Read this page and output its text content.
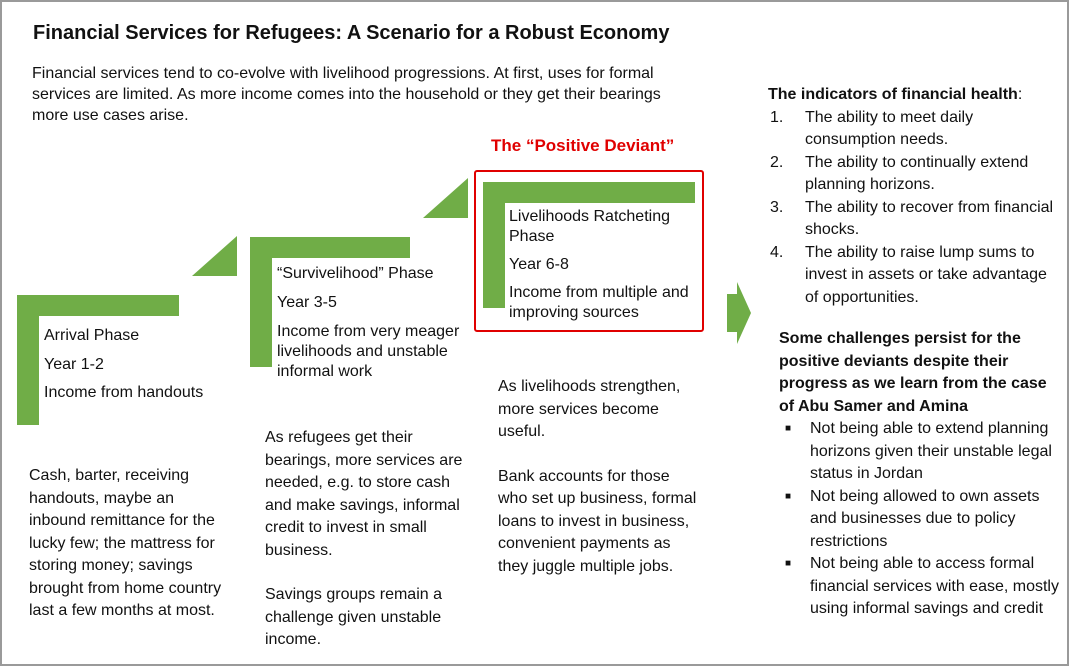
Financial Services for Refugees: A Scenario for a Robust Economy
Financial services tend to co-evolve with livelihood progressions. At first, uses for formal services are limited. As more income comes into the household or they get their bearings more use cases arise.
Arrival Phase
Year 1-2
Income from handouts
“Survivelihood” Phase
Year 3-5
Income from very meager livelihoods and unstable informal work
The “Positive Deviant”
Livelihoods Ratcheting Phase
Year 6-8
Income from multiple and improving sources

Cash, barter, receiving handouts, maybe an inbound remittance for the lucky few; the mattress for storing money; savings brought from home country last a few months at most.

As refugees get their bearings, more services are needed, e.g. to store cash and make savings, informal credit to invest in small business.

Savings groups remain a challenge given unstable income.

As livelihoods strengthen, more services become useful.

Bank accounts for those who set up business, formal loans to invest in business, convenient payments as they juggle multiple jobs.

The indicators of financial health:
1. The ability to meet daily consumption needs.
2. The ability to continually extend planning horizons.
3. The ability to recover from financial shocks.
4. The ability to raise lump sums to invest in assets or take advantage of opportunities.
Some challenges persist for the positive deviants despite their progress as we learn from the case of Abu Samer and Amina
■ Not being able to extend planning horizons given their unstable legal status in Jordan
■ Not being allowed to own assets and businesses due to policy restrictions
■ Not being able to access formal financial services with ease, mostly using informal savings and credit
